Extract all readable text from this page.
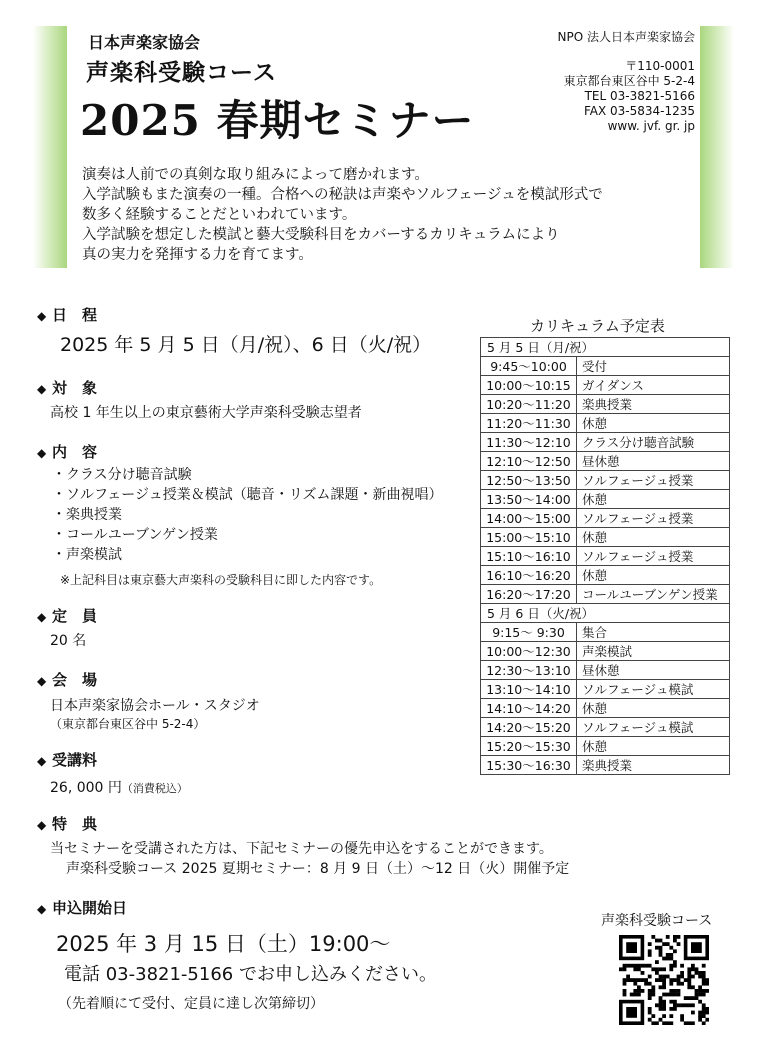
日本声楽家協会
声楽科受験コース
2025 春期セミナー
NPO 法人日本声楽家協会
〒110-0001
東京都台東区谷中 5-2-4
TEL 03-3821-5166
FAX 03-5834-1235
www. jvf. gr. jp
演奏は人前での真剣な取り組みによって磨かれます。
入学試験もまた演奏の一種。合格への秘訣は声楽やソルフェージュを模試形式で
数多く経験することだといわれています。
入学試験を想定した模試と藝大受験科目をカバーするカリキュラムにより
真の実力を発揮する力を育てます。
◆ 日　程
2025 年 5 月 5 日（月/祝）、6 日（火/祝）
◆ 対　象
高校 1 年生以上の東京藝術大学声楽科受験志望者
◆ 内　容
・クラス分け聴音試験
・ソルフェージュ授業＆模試（聴音・リズム課題・新曲視唱）
・楽典授業
・コールユーブンゲン授業
・声楽模試
※上記科目は東京藝大声楽科の受験科目に即した内容です。
◆ 定　員
20 名
◆ 会　場
日本声楽家協会ホール・スタジオ
（東京都台東区谷中 5-2-4）
◆ 受講料
26, 000 円（消費税込）
◆ 特　典
当セミナーを受講された方は、下記セミナーの優先申込をすることができます。
声楽科受験コース 2025 夏期セミナー：8 月 9 日（土）～12 日（火）開催予定
◆ 申込開始日
2025 年 3 月 15 日（土）19:00～
電話 03-3821-5166 でお申し込みください。
（先着順にて受付、定員に達し次第締切）
カリキュラム予定表
5 月 5 日（月/祝）	
9:45～10:00	受付
10:00～10:15	ガイダンス
10:20～11:20	楽典授業
11:20～11:30	休憩
11:30～12:10	クラス分け聴音試験
12:10～12:50	昼休憩
12:50～13:50	ソルフェージュ授業
13:50～14:00	休憩
14:00～15:00	ソルフェージュ授業
15:00～15:10	休憩
15:10～16:10	ソルフェージュ授業
16:10～16:20	休憩
16:20～17:20	コールユーブンゲン授業
5 月 6 日（火/祝）	
9:15～ 9:30	集合
10:00～12:30	声楽模試
12:30～13:10	昼休憩
13:10～14:10	ソルフェージュ模試
14:10～14:20	休憩
14:20～15:20	ソルフェージュ模試
15:20～15:30	休憩
15:30～16:30	楽典授業
声楽科受験コース
